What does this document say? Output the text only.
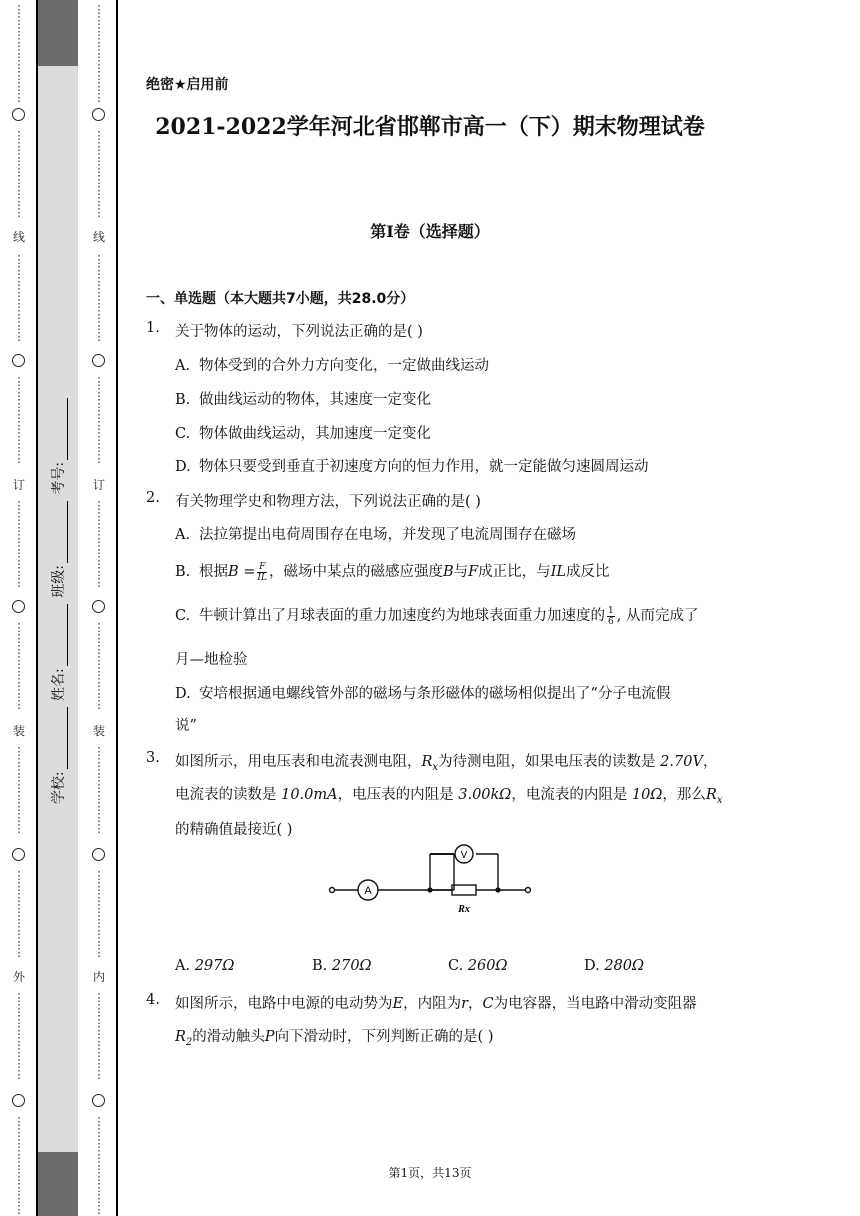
⋮
⋮
⋮
⋮
⋮
⋮
⋮
⋮
⋮
⋮
⋮
⋮
⋮
⋮
⋮
⋮
⋮
线
⋮
⋮
⋮
⋮
⋮
⋮
⋮
⋮
⋮
⋮
⋮
⋮
⋮
⋮
⋮
⋮
订
⋮
⋮
⋮
⋮
⋮
⋮
⋮
⋮
⋮
⋮
⋮
⋮
⋮
⋮
⋮
⋮
装
⋮
⋮
⋮
⋮
⋮
⋮
⋮
⋮
⋮
⋮
⋮
⋮
⋮
⋮
⋮
⋮
外
⋮
⋮
⋮
⋮
⋮
⋮
⋮
⋮
⋮
⋮
⋮
⋮
⋮
⋮
⋮
⋮
⋮
⋮
⋮
⋮
⋮
⋮
⋮
⋮
⋮
⋮
⋮
⋮
⋮
⋮
⋮
⋮
⋮
⋮
线
⋮
⋮
⋮
⋮
⋮
⋮
⋮
⋮
⋮
⋮
⋮
⋮
⋮
⋮
⋮
⋮
订
⋮
⋮
⋮
⋮
⋮
⋮
⋮
⋮
⋮
⋮
⋮
⋮
⋮
⋮
⋮
⋮
装
⋮
⋮
⋮
⋮
⋮
⋮
⋮
⋮
⋮
⋮
⋮
⋮
⋮
⋮
⋮
⋮
内
⋮
⋮
⋮
⋮
⋮
⋮
⋮
⋮
⋮
⋮
⋮
⋮
⋮
⋮
⋮
⋮
⋮
学校: 姓名: 班级: 考号:
绝密★启用前
2021-2022学年河北省邯郸市高一（下）期末物理试卷
第I卷（选择题）
一、单选题（本大题共7小题，共28.0分）
1. 关于物体的运动，下列说法正确的是( )
A. 物体受到的合外力方向变化，一定做曲线运动
B. 做曲线运动的物体，其速度一定变化
C. 物体做曲线运动，其加速度一定变化
D. 物体只要受到垂直于初速度方向的恒力作用，就一定能做匀速圆周运动
2. 有关物理学史和物理方法，下列说法正确的是( )
A. 法拉第提出电荷周围存在电场，并发现了电流周围存在磁场
B. 根据$B = \frac{F}{IL}$ ，磁场中某点的磁感应强度B与F成正比，与IL成反比
C. 牛顿计算出了月球表面的重力加速度约为地球表面重力加速度的 $\frac{1}{6}$ , 从而完成了
月—地检验
D. 安培根据通电螺线管外部的磁场与条形磁体的磁场相似提出了“分子电流假
说”
3. 如图所示，用电压表和电流表测电阻，$R_x$为待测电阻，如果电压表的读数是 2.70V，
电流表的读数是 10.0mA，电压表的内阻是 3.00kΩ，电流表的内阻是 10Ω，那么$R_x$
的精确值最接近( )
A
V
Rx
A. 297Ω	B. 270Ω	C. 260Ω	D. 280Ω
4. 如图所示，电路中电源的电动势为E，内阻为r，C为电容器，当电路中滑动变阻器
$R_2$的滑动触头P向下滑动时，下列判断正确的是( )
第1页，共13页
